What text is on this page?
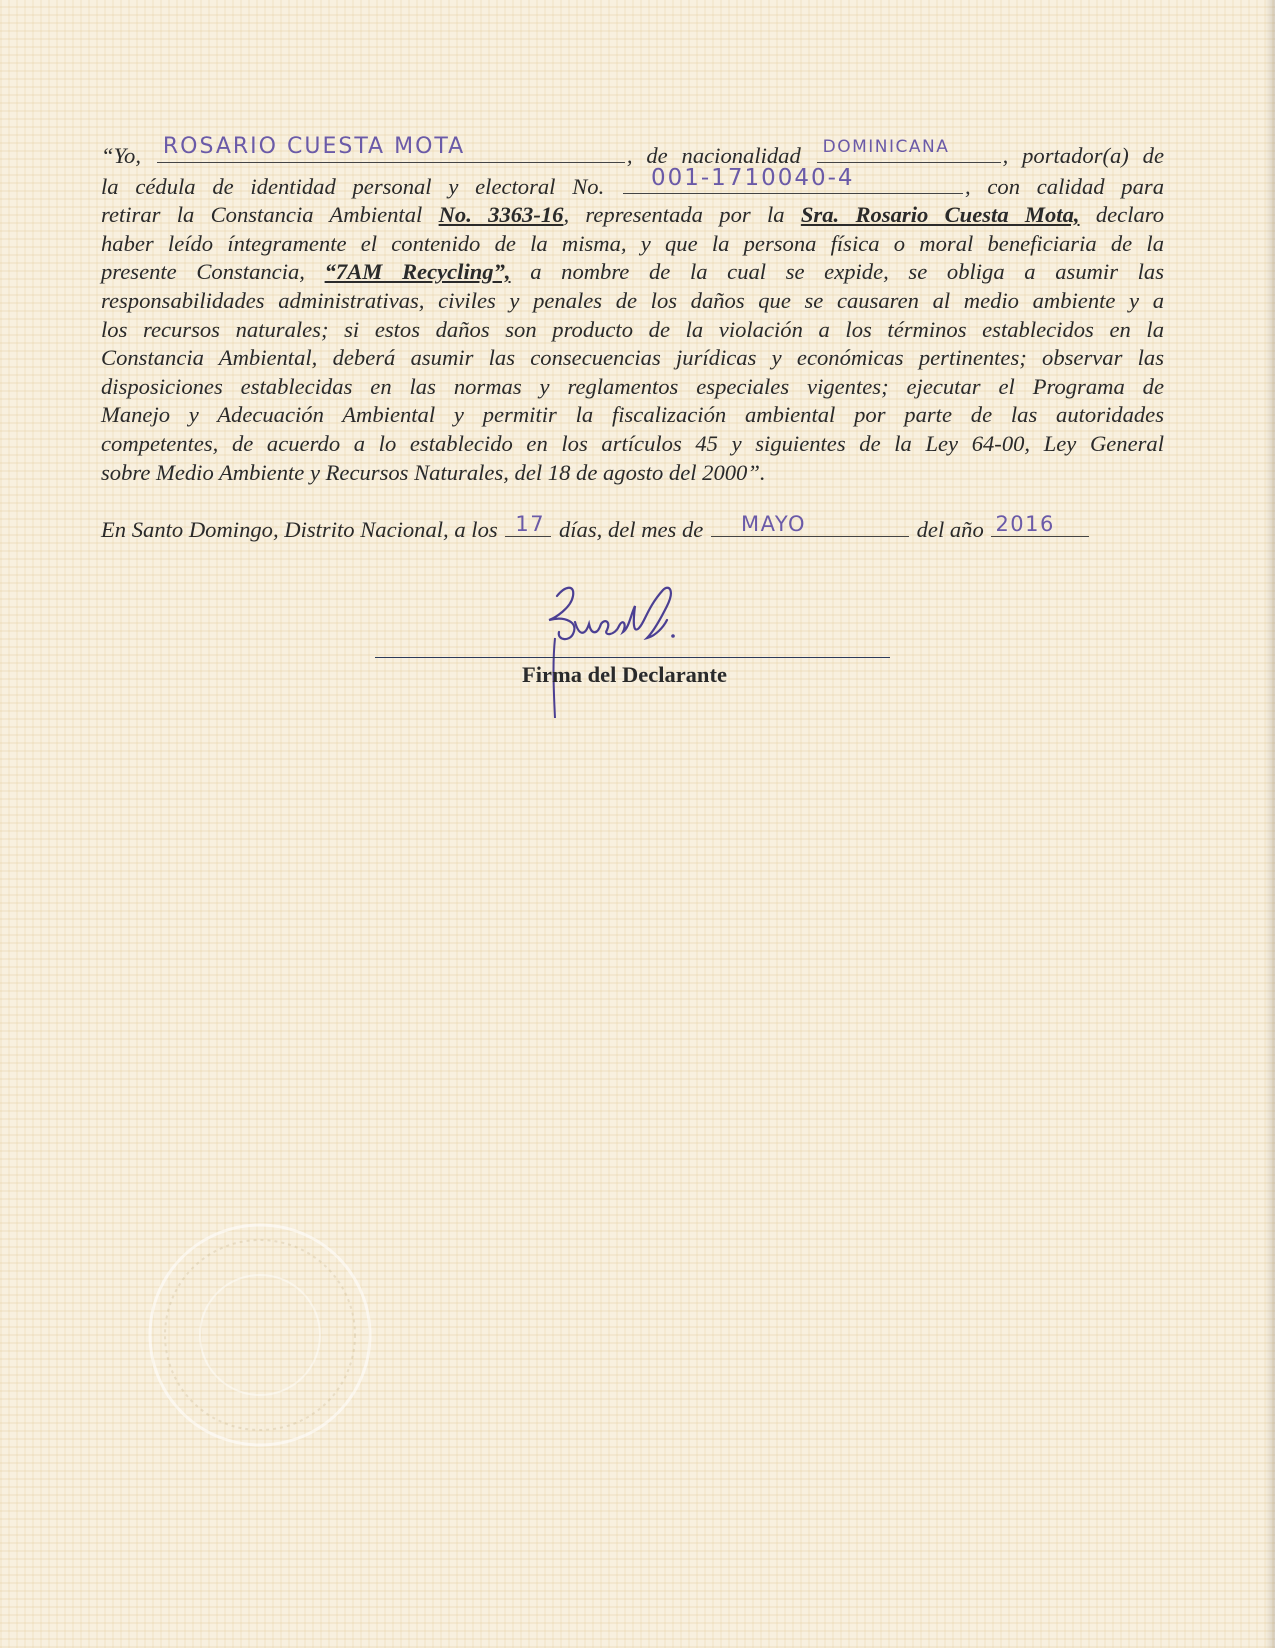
“Yo, ROSARIO CUESTA MOTA	, de nacionalidad DOMINICANA , portador(a) de
la cédula de identidad personal y electoral No. 001-1710040-4	, con calidad para
retirar la Constancia Ambiental No. 3363-16, representada por la Sra. Rosario Cuesta Mota, declaro
haber leído íntegramente el contenido de la misma, y que la persona física o moral beneficiaria de la
presente Constancia, “7AM Recycling”, a nombre de la cual se expide, se obliga a asumir las
responsabilidades administrativas, civiles y penales de los daños que se causaren al medio ambiente y a
los recursos naturales; si estos daños son producto de la violación a los términos establecidos en la
Constancia Ambiental, deberá asumir las consecuencias jurídicas y económicas pertinentes; observar las
disposiciones establecidas en las normas y reglamentos especiales vigentes; ejecutar el Programa de
Manejo y Adecuación Ambiental y permitir la fiscalización ambiental por parte de las autoridades
competentes, de acuerdo a lo establecido en los artículos 45 y siguientes de la Ley 64-00, Ley General
sobre Medio Ambiente y Recursos Naturales, del 18 de agosto del 2000”.
En Santo Domingo, Distrito Nacional, a los 17 días, del mes de MAYO	del año 2016
Firma del Declarante
